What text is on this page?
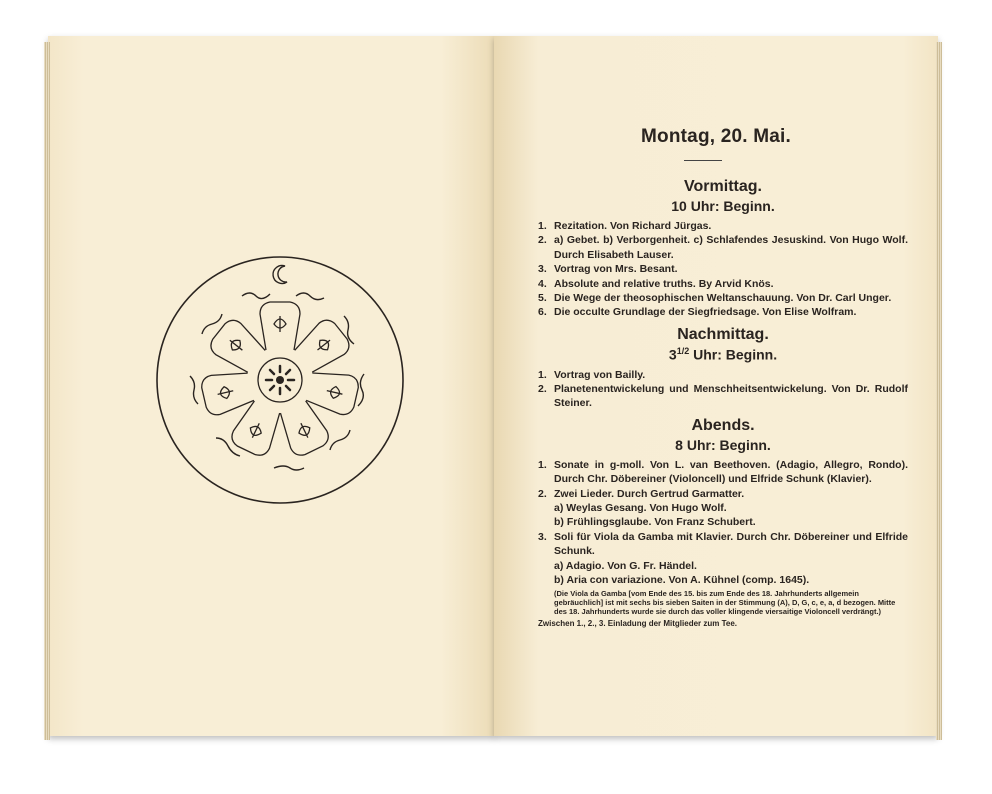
Montag, 20. Mai.
Vormittag.
10 Uhr: Beginn.
1. Rezitation. Von Richard Jürgas.
2. a) Gebet. b) Verborgenheit. c) Schlafendes Jesuskind. Von Hugo Wolf. Durch Elisabeth Lauser.
3. Vortrag von Mrs. Besant.
4. Absolute and relative truths. By Arvid Knös.
5. Die Wege der theosophischen Weltanschauung. Von Dr. Carl Unger.
6. Die occulte Grundlage der Siegfriedsage. Von Elise Wolfram.
Nachmittag.
$3^{1/2}$ Uhr: Beginn.
1. Vortrag von Bailly.
2. Planetenentwickelung und Menschheitsentwickelung. Von Dr. Rudolf Steiner.
Abends.
8 Uhr: Beginn.
1. Sonate in g-moll. Von L. van Beethoven. (Adagio, Allegro, Rondo). Durch Chr. Döbereiner (Violoncell) und Elfride Schunk (Klavier).
2. Zwei Lieder. Durch Gertrud Garmatter.
a) Weylas Gesang. Von Hugo Wolf.
b) Frühlingsglaube. Von Franz Schubert.
3. Soli für Viola da Gamba mit Klavier. Durch Chr. Döbereiner und Elfride Schunk.
a) Adagio. Von G. Fr. Händel.
b) Aria con variazione. Von A. Kühnel (comp. 1645).
(Die Viola da Gamba [vom Ende des 15. bis zum Ende des 18. Jahrhunderts allgemein gebräuchlich] ist mit sechs bis sieben Saiten in der Stimmung (A), D, G, c, e, a, d bezogen. Mitte des 18. Jahrhunderts wurde sie durch das voller klingende viersaitige Violoncell verdrängt.)
Zwischen 1., 2., 3. Einladung der Mitglieder zum Tee.
